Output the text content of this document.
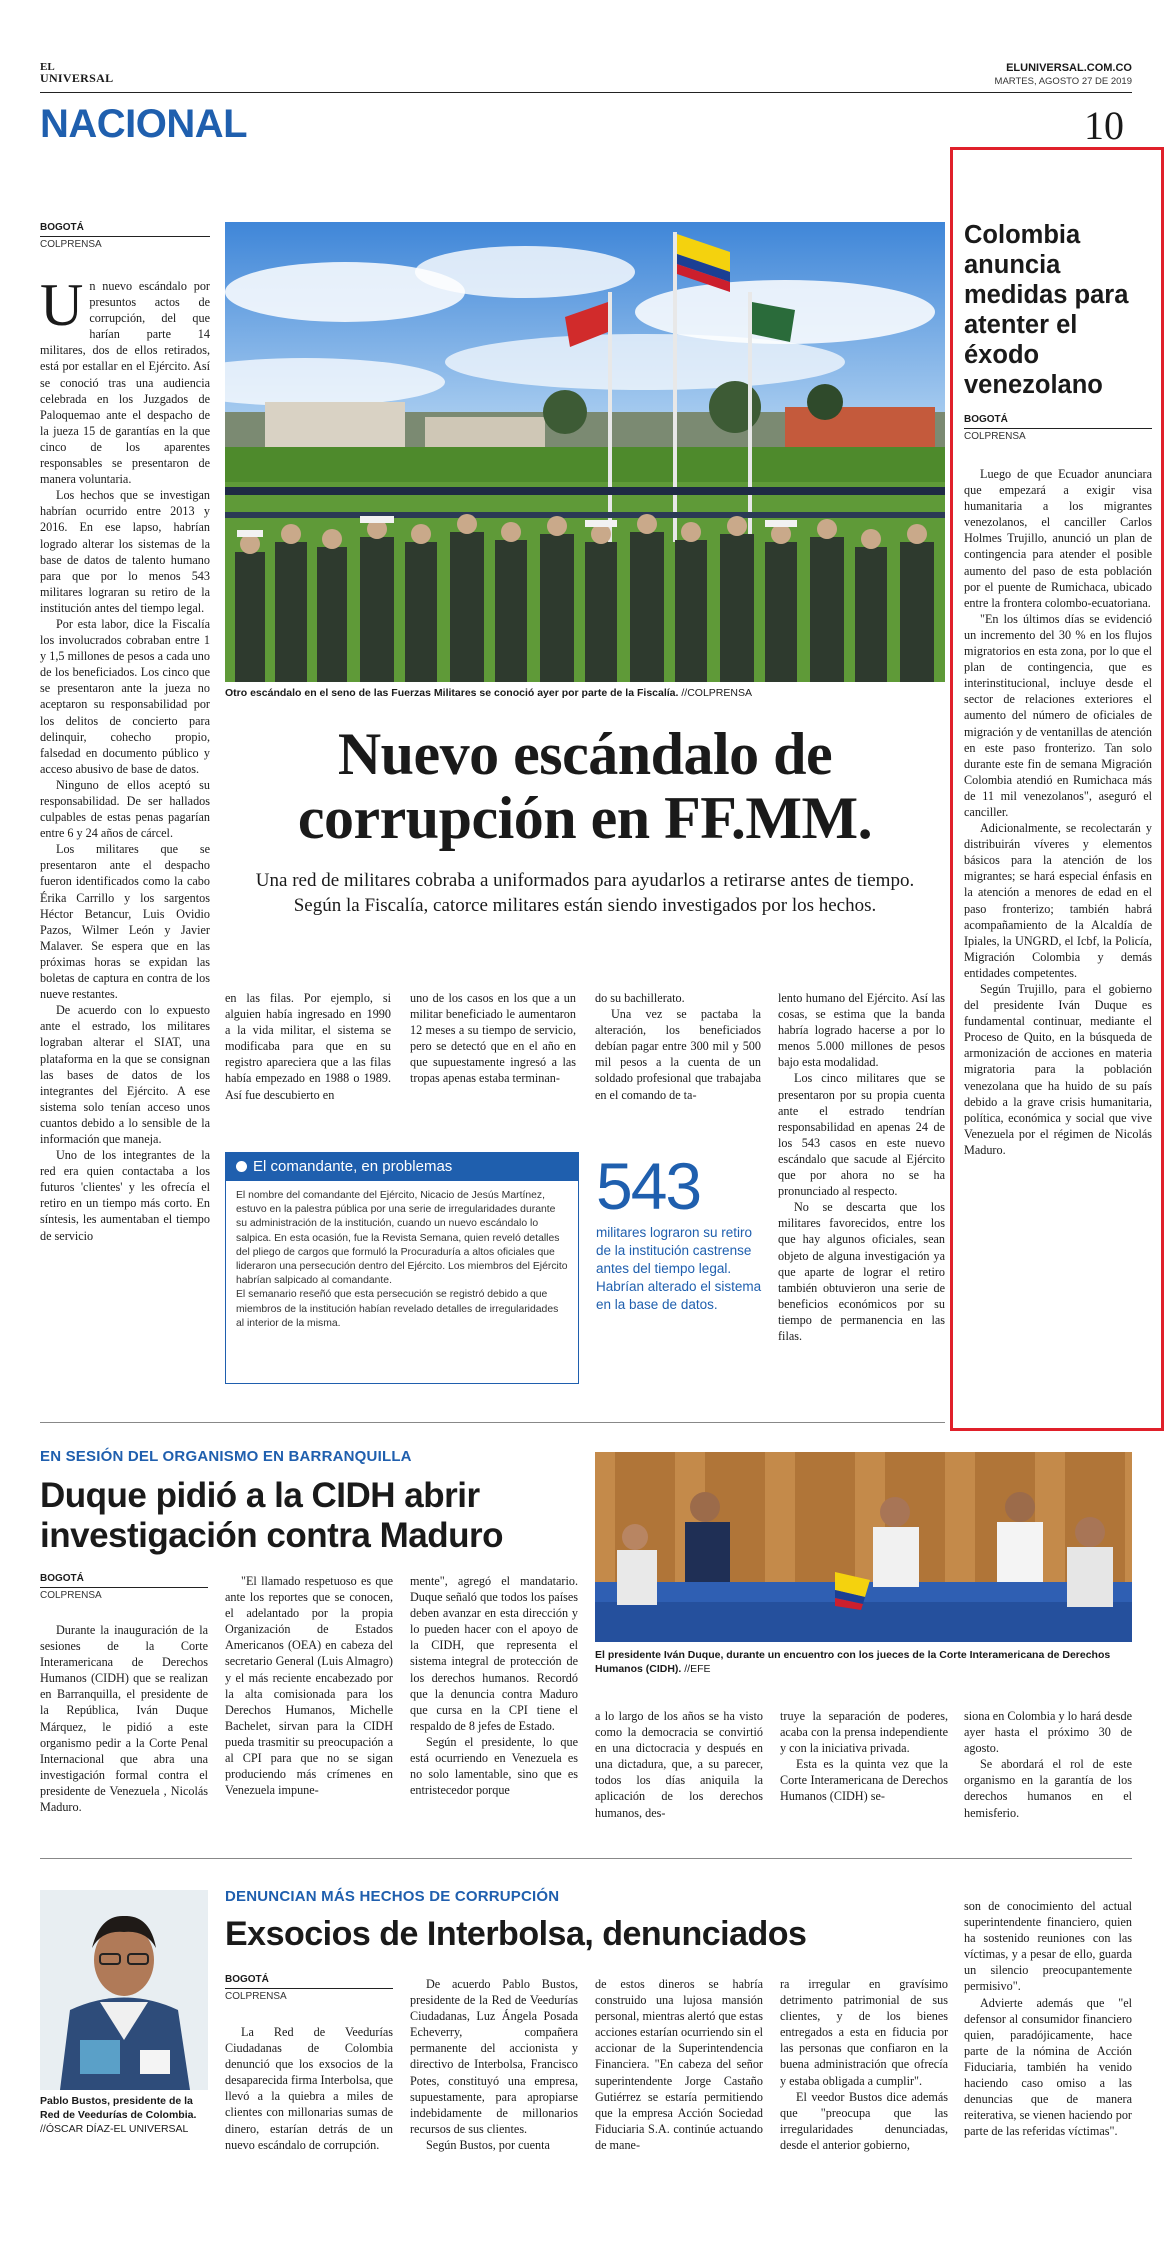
EL
UNIVERSAL
ELUNIVERSAL.COM.CO
MARTES, AGOSTO 27 DE 2019
NACIONAL	10
BOGOTÁ
COLPRENSA

Un nuevo escándalo por presuntos actos de corrupción, del que harían parte 14 militares, dos de ellos retirados, está por estallar en el Ejército. Así se conoció tras una audiencia celebrada en los Juzgados de Paloquemao ante el despacho de la jueza 15 de garantías en la que cinco de los aparentes responsables se presentaron de manera voluntaria.

Los hechos que se investigan habrían ocurrido entre 2013 y 2016. En ese lapso, habrían logrado alterar los sistemas de la base de datos de talento humano para que por lo menos 543 militares lograran su retiro de la institución antes del tiempo legal.

Por esta labor, dice la Fiscalía los involucrados cobraban entre 1 y 1,5 millones de pesos a cada uno de los beneficiados. Los cinco que se presentaron ante la jueza no aceptaron su responsabilidad por los delitos de concierto para delinquir, cohecho propio, falsedad en documento público y acceso abusivo de base de datos.

Ninguno de ellos aceptó su responsabilidad. De ser hallados culpables de estas penas pagarían entre 6 y 24 años de cárcel.

Los militares que se presentaron ante el despacho fueron identificados como la cabo Érika Carrillo y los sargentos Héctor Betancur, Luis Ovidio Pazos, Wilmer León y Javier Malaver. Se espera que en las próximas horas se expidan las boletas de captura en contra de los nueve restantes.

De acuerdo con lo expuesto ante el estrado, los militares lograban alterar el SIAT, una plataforma en la que se consignan las bases de datos de los integrantes del Ejército. A ese sistema solo tenían acceso unos cuantos debido a lo sensible de la información que maneja.

Uno de los integrantes de la red era quien contactaba a los futuros 'clientes' y les ofrecía el retiro en un tiempo más corto. En síntesis, les aumentaban el tiempo de servicio

Otro escándalo en el seno de las Fuerzas Militares se conoció ayer por parte de la Fiscalía. //COLPRENSA
Nuevo escándalo de
corrupción en FF.MM.
Una red de militares cobraba a uniformados para ayudarlos a retirarse antes de tiempo. Según la Fiscalía, catorce militares están siendo investigados por los hechos.

en las filas. Por ejemplo, si alguien había ingresado en 1990 a la vida militar, el sistema se modificaba para que en su registro apareciera que a las filas había empezado en 1988 o 1989. Así fue descubierto en

uno de los casos en los que a un militar beneficiado le aumentaron 12 meses a su tiempo de servicio, pero se detectó que en el año en que supuestamente ingresó a las tropas apenas estaba terminan-

do su bachillerato.

Una vez se pactaba la alteración, los beneficiados debían pagar entre 300 mil y 500 mil pesos a la cuenta de un soldado profesional que trabajaba en el comando de ta-

lento humano del Ejército. Así las cosas, se estima que la banda habría logrado hacerse a por lo menos 5.000 millones de pesos bajo esta modalidad.

Los cinco militares que se presentaron por su propia cuenta ante el estrado tendrían responsabilidad en apenas 24 de los 543 casos en este nuevo escándalo que sacude al Ejército que por ahora no se ha pronunciado al respecto.

No se descarta que los militares favorecidos, entre los que hay algunos oficiales, sean objeto de alguna investigación ya que aparte de lograr el retiro también obtuvieron una serie de beneficios económicos por su tiempo de permanencia en las filas.

El comandante, en problemas

El nombre del comandante del Ejército, Nicacio de Jesús Martínez, estuvo en la palestra pública por una serie de irregularidades durante su administración de la institución, cuando un nuevo escándalo lo salpica. En esta ocasión, fue la Revista Semana, quien reveló detalles del pliego de cargos que formuló la Procuraduría a altos oficiales que lideraron una persecución dentro del Ejército. Los miembros del Ejército habrían salpicado al comandante.

El semanario reseñó que esta persecución se registró debido a que miembros de la institución habían revelado detalles de irregularidades al interior de la misma.

543
militares lograron su retiro de la institución castrense antes del tiempo legal. Habrían alterado el sistema en la base de datos.
Colombia anuncia medidas para atenter el éxodo venezolano
BOGOTÁ
COLPRENSA

Luego de que Ecuador anunciara que empezará a exigir visa humanitaria a los migrantes venezolanos, el canciller Carlos Holmes Trujillo, anunció un plan de contingencia para atender el posible aumento del paso de esta población por el puente de Rumichaca, ubicado entre la frontera colombo-ecuatoriana.

"En los últimos días se evidenció un incremento del 30 % en los flujos migratorios en esta zona, por lo que el plan de contingencia, que es interinstitucional, incluye desde el sector de relaciones exteriores el aumento del número de oficiales de migración y de ventanillas de atención en este paso fronterizo. Tan solo durante este fin de semana Migración Colombia atendió en Rumichaca más de 11 mil venezolanos", aseguró el canciller.

Adicionalmente, se recolectarán y distribuirán víveres y elementos básicos para la atención de los migrantes; se hará especial énfasis en la atención a menores de edad en el paso fronterizo; también habrá acompañamiento de la Alcaldía de Ipiales, la UNGRD, el Icbf, la Policía, Migración Colombia y demás entidades competentes.

Según Trujillo, para el gobierno del presidente Iván Duque es fundamental continuar, mediante el Proceso de Quito, en la búsqueda de armonización de acciones en materia migratoria para la población venezolana que ha huido de su país debido a la grave crisis humanitaria, política, económica y social que vive Venezuela por el régimen de Nicolás Maduro.

EN SESIÓN DEL ORGANISMO EN BARRANQUILLA
Duque pidió a la CIDH abrir
investigación contra Maduro
BOGOTÁ
COLPRENSA

Durante la inauguración de la sesiones de la Corte Interamericana de Derechos Humanos (CIDH) que se realizan en Barranquilla, el presidente de la República, Iván Duque Márquez, le pidió a este organismo pedir a la Corte Penal Internacional que abra una investigación formal contra el presidente de Venezuela , Nicolás Maduro.

"El llamado respetuoso es que ante los reportes que se conocen, el adelantado por la propia Organización de Estados Americanos (OEA) en cabeza del secretario General (Luis Almagro) y el más reciente encabezado por la alta comisionada para los Derechos Humanos, Michelle Bachelet, sirvan para la CIDH pueda trasmitir su preocupación a al CPI para que no se sigan produciendo más crímenes en Venezuela impune-

mente", agregó el mandatario. Duque señaló que todos los países deben avanzar en esta dirección y lo pueden hacer con el apoyo de la CIDH, que representa el sistema integral de protección de los derechos humanos. Recordó que la denuncia contra Maduro que cursa en la CPI tiene el respaldo de 8 jefes de Estado.

Según el presidente, lo que está ocurriendo en Venezuela es no solo lamentable, sino que es entristecedor porque

El presidente Iván Duque, durante un encuentro con los jueces de la Corte Interamericana de Derechos Humanos (CIDH). //EFE

a lo largo de los años se ha visto como la democracia se convirtió en una dictocracia y después en una dictadura, que, a su parecer, todos los días aniquila la aplicación de los derechos humanos, des-

truye la separación de poderes, acaba con la prensa independiente y con la iniciativa privada.

Esta es la quinta vez que la Corte Interamericana de Derechos Humanos (CIDH) se-

siona en Colombia y lo hará desde ayer hasta el próximo 30 de agosto.

Se abordará el rol de este organismo en la garantía de los derechos humanos en el hemisferio.

Pablo Bustos, presidente de la Red de Veedurías de Colombia.
//ÓSCAR DÍAZ-EL UNIVERSAL
DENUNCIAN MÁS HECHOS DE CORRUPCIÓN
Exsocios de Interbolsa, denunciados
BOGOTÁ
COLPRENSA

La Red de Veedurías Ciudadanas de Colombia denunció que los exsocios de la desaparecida firma Interbolsa, que llevó a la quiebra a miles de clientes con millonarias sumas de dinero, estarían detrás de un nuevo escándalo de corrupción.

De acuerdo Pablo Bustos, presidente de la Red de Veedurías Ciudadanas, Luz Ángela Posada Echeverry, compañera permanente del accionista y directivo de Interbolsa, Francisco Potes, constituyó una empresa, supuestamente, para apropiarse indebidamente de millonarios recursos de sus clientes.

Según Bustos, por cuenta

de estos dineros se habría construido una lujosa mansión personal, mientras alertó que estas acciones estarían ocurriendo sin el accionar de la Superintendencia Financiera. "En cabeza del señor superintendente Jorge Castaño Gutiérrez se estaría permitiendo que la empresa Acción Sociedad Fiduciaria S.A. continúe actuando de mane-

ra irregular en gravísimo detrimento patrimonial de sus clientes, y de los bienes entregados a esta en fiducia por las personas que confiaron en la buena administración que ofrecía y estaba obligada a cumplir".

El veedor Bustos dice además que "preocupa que las irregularidades denunciadas, desde el anterior gobierno,

son de conocimiento del actual superintendente financiero, quien ha sostenido reuniones con las víctimas, y a pesar de ello, guarda un silencio preocupantemente permisivo".

Advierte además que "el defensor al consumidor financiero quien, paradójicamente, hace parte de la nómina de Acción Fiduciaria, también ha venido haciendo caso omiso a las denuncias que de manera reiterativa, se vienen haciendo por parte de las referidas víctimas".
